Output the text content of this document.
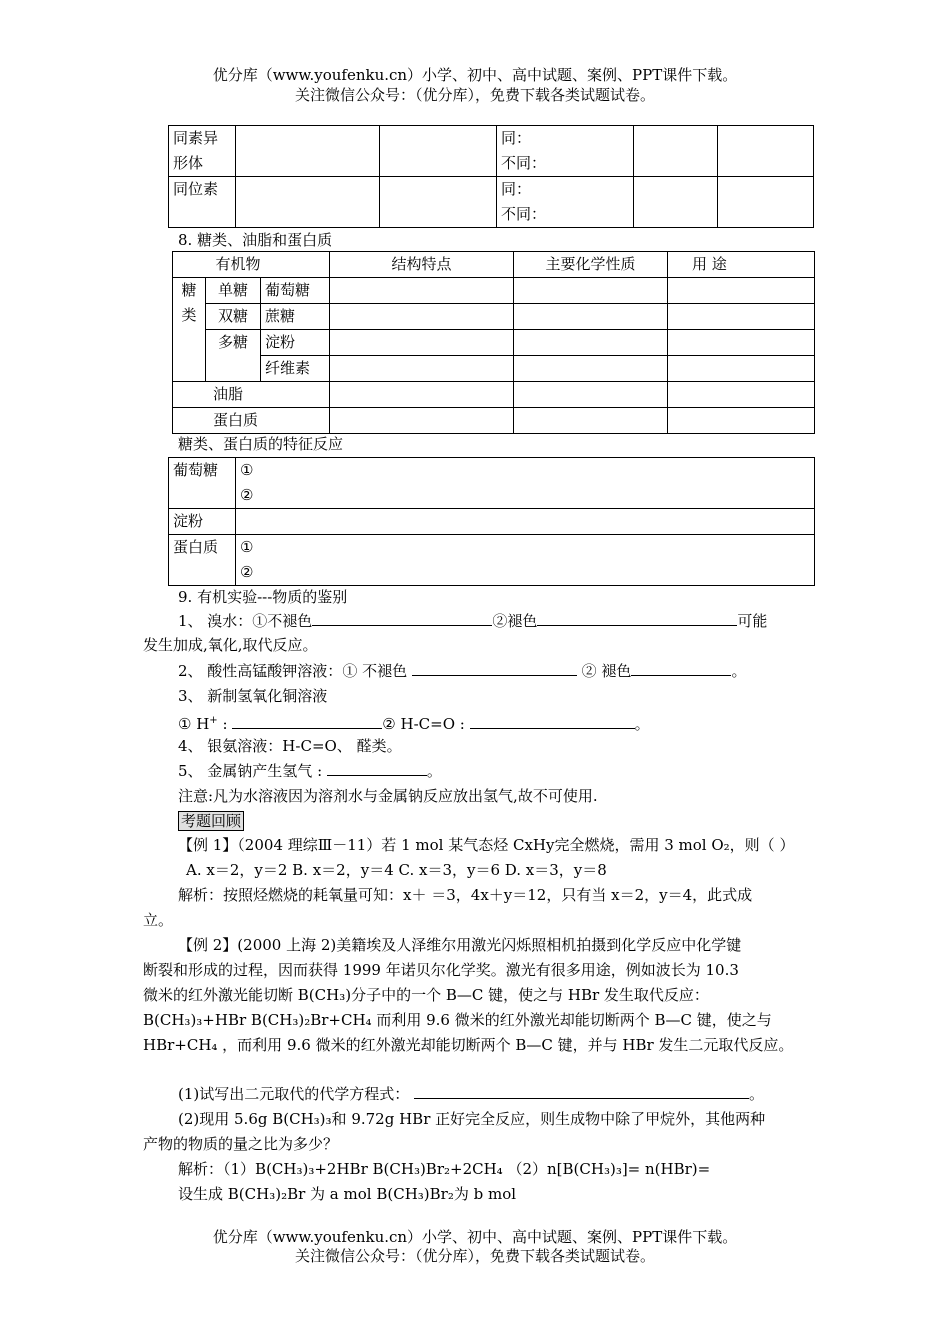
优分库（www.youfenku.cn）小学、初中、高中试题、案例、PPT课件下载。
关注微信公众号：（优分库），免费下载各类试题试卷。
同素异
形体			同：
不同：		
同位素			同：
不同：		
8. 糖类、油脂和蛋白质
有机物			结构特点	主要化学性质	用 途
糖
类	单糖	葡萄糖			
	双糖	蔗糖			
	多糖	淀粉			
		纤维素			
油脂					
蛋白质					
糖类、蛋白质的特征反应
葡萄糖	①
②
淀粉	
蛋白质	①
②
9. 有机实验---物质的鉴别
1、 溴水：①不褪色	②褪色	可能
发生加成,氧化,取代反应。
2、 酸性高锰酸钾溶液：① 不褪色	② 褪色	。
3、 新制氢氧化铜溶液
① H+ :	② H-C=O :	。
4、 银氨溶液：H-C=O、 醛类。
5、 金属钠产生氢气 :	。
注意:凡为水溶液因为溶剂水与金属钠反应放出氢气,故不可使用.
考题回顾
【例 1】（2004 理综Ⅲ－11）若 1 mol 某气态烃 CxHy完全燃烧，需用 3 mol O₂，则（ ）
A. x＝2，y＝2 B. x＝2，y＝4 C. x＝3，y＝6 D. x＝3，y＝8
解析：按照烃燃烧的耗氧量可知：x＋ ＝3，4x＋y＝12，只有当 x＝2，y＝4，此式成
立。
【例 2】(2000 上海 2)美籍埃及人泽维尔用激光闪烁照相机拍摄到化学反应中化学键
断裂和形成的过程，因而获得 1999 年诺贝尔化学奖。激光有很多用途，例如波长为 10.3
微米的红外激光能切断 B(CH₃)分子中的一个 B—C 键，使之与 HBr 发生取代反应：
B(CH₃)₃+HBr B(CH₃)₂Br+CH₄ 而利用 9.6 微米的红外激光却能切断两个 B—C 键，使之与
HBr+CH₄ ，而利用 9.6 微米的红外激光却能切断两个 B—C 键，并与 HBr 发生二元取代反应。
(1)试写出二元取代的代学方程式：	。
(2)现用 5.6g B(CH₃)₃和 9.72g HBr 正好完全反应，则生成物中除了甲烷外，其他两种
产物的物质的量之比为多少？
解析：（1）B(CH₃)₃+2HBr B(CH₃)Br₂+2CH₄ （2）n[B(CH₃)₃]= n(HBr)=
设生成 B(CH₃)₂Br 为 a mol B(CH₃)Br₂为 b mol
优分库（www.youfenku.cn）小学、初中、高中试题、案例、PPT课件下载。
关注微信公众号：（优分库），免费下载各类试题试卷。
